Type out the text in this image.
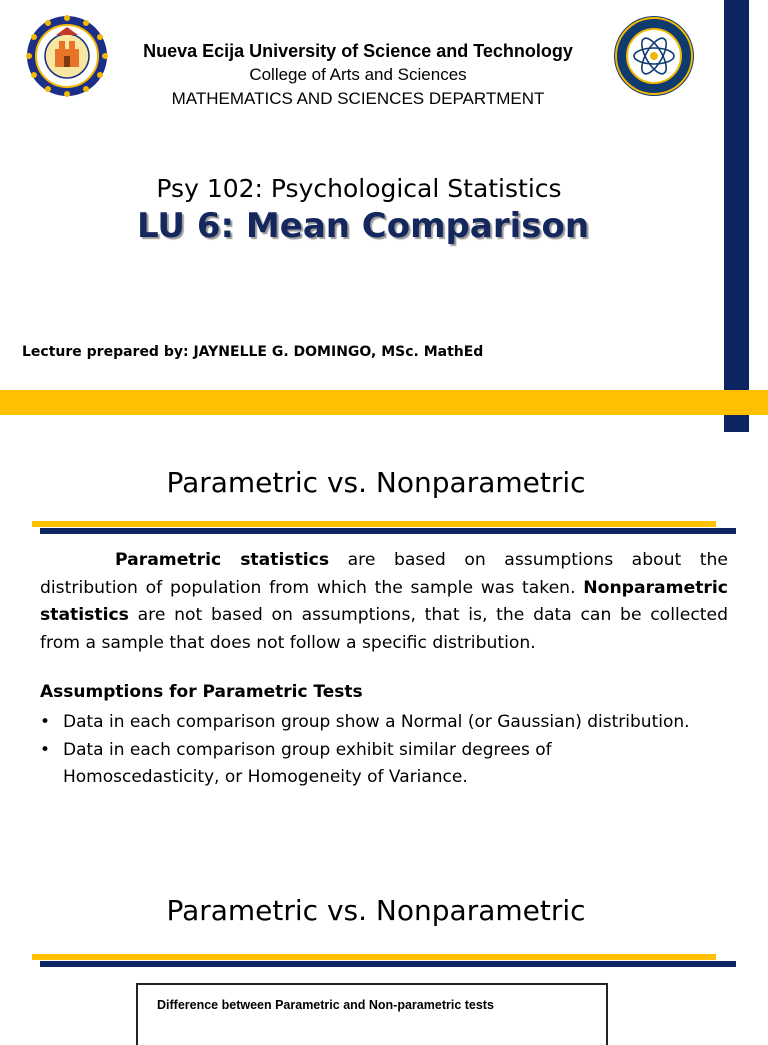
Nueva Ecija University of Science and Technology
College of Arts and Sciences
MATHEMATICS AND SCIENCES DEPARTMENT
Psy 102: Psychological Statistics
LU 6: Mean Comparison
Lecture prepared by: JAYNELLE G. DOMINGO, MSc. MathEd
Parametric vs. Nonparametric
Parametric statistics are based on assumptions about the distribution of population from which the sample was taken. Nonparametric statistics are not based on assumptions, that is, the data can be collected from a sample that does not follow a specific distribution.
Assumptions for Parametric Tests
• Data in each comparison group show a Normal (or Gaussian) distribution.
• Data in each comparison group exhibit similar degrees of Homoscedasticity, or Homogeneity of Variance.
Parametric vs. Nonparametric
Difference between Parametric and Non-parametric tests
